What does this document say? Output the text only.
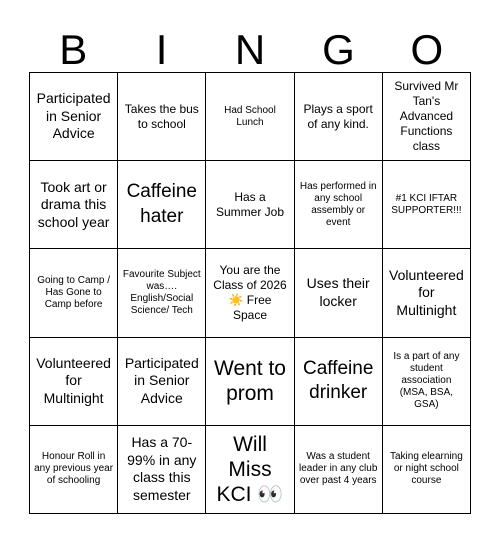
B	I	N	G	O
Participated in Senior Advice
Takes the bus to school
Had School Lunch
Plays a sport of any kind.
Survived Mr Tan's Advanced Functions class
Took art or drama this school year
Caffeine hater
Has a Summer Job
Has performed in any school assembly or event
#1 KCI IFTAR SUPPORTER!!!
Going to Camp / Has Gone to Camp before
Favourite Subject was…. English/Social Science/ Tech
You are the Class of 2026 ☀️ Free Space
Uses their locker
Volunteered for Multinight
Volunteered for Multinight
Participated in Senior Advice
Went to prom
Caffeine drinker
Is a part of any student association (MSA, BSA, GSA)
Honour Roll in any previous year of schooling
Has a 70-99% in any class this semester
Will Miss KCI 👀
Was a student leader in any club over past 4 years
Taking elearning or night school course
